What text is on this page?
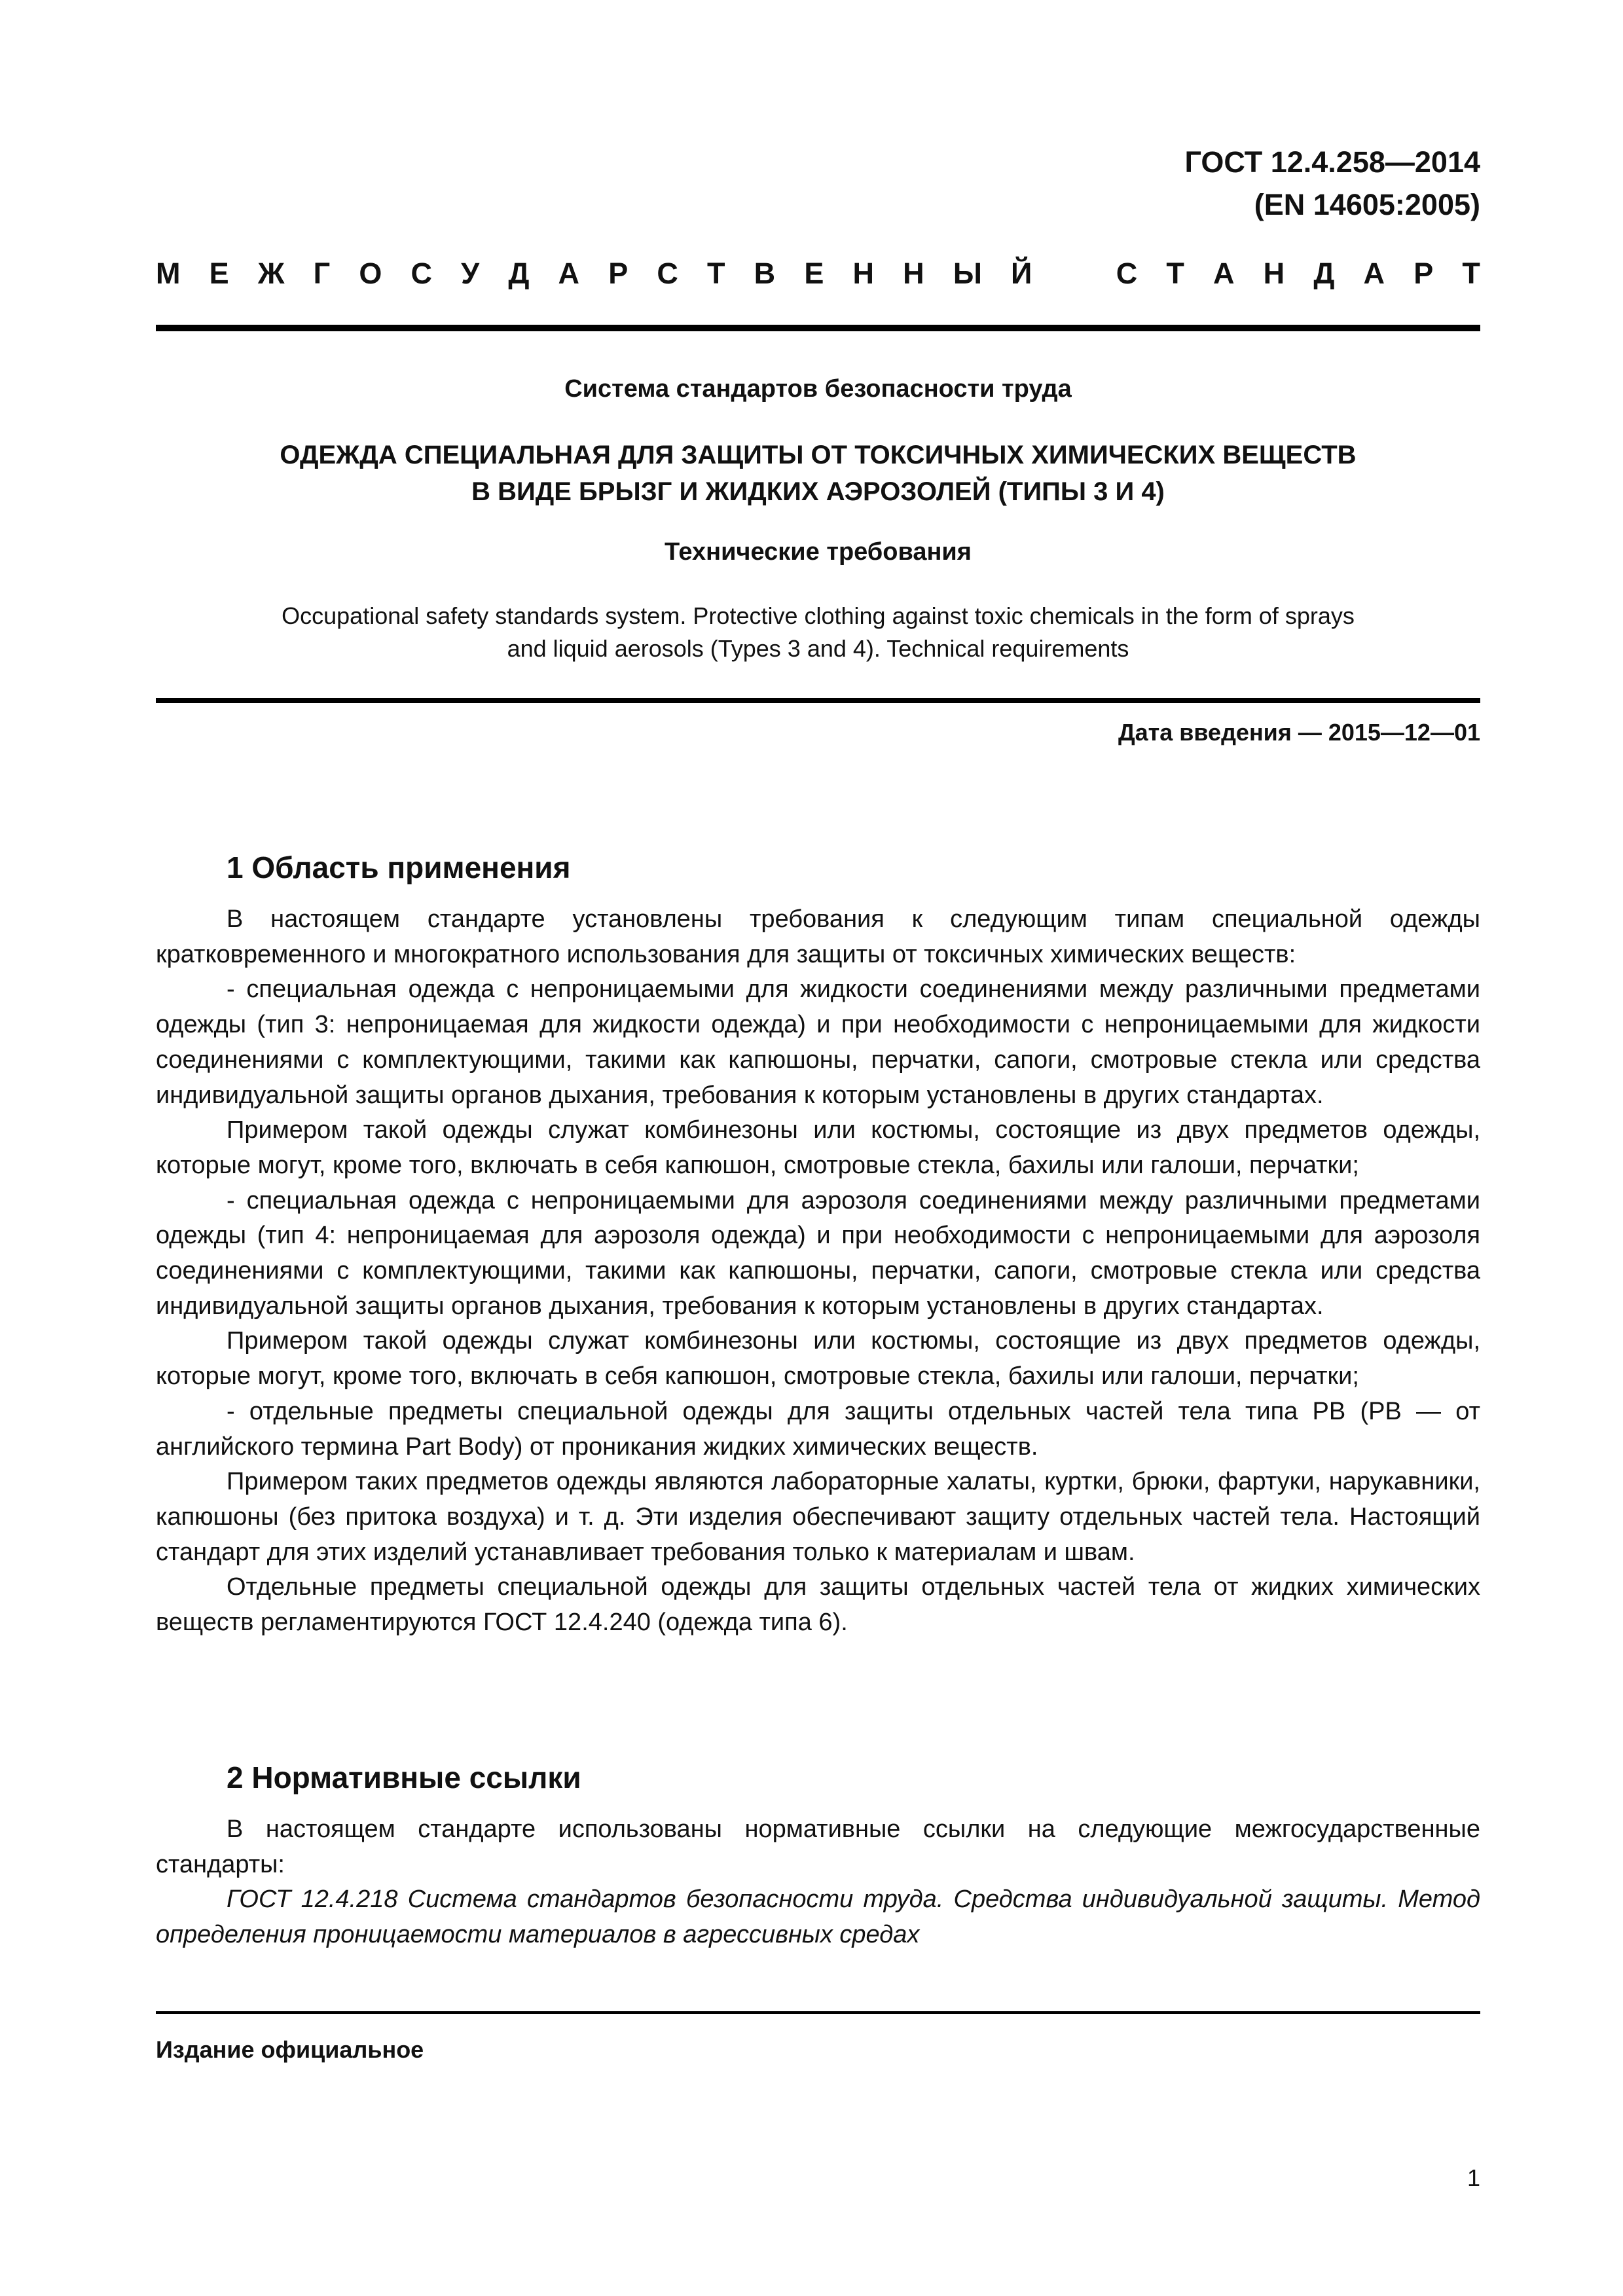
ГОСТ 12.4.258—2014
(EN 14605:2005)
М Е Ж Г О С У Д А Р С Т В Е Н Н Ы Й	С Т А Н Д А Р Т
Система стандартов безопасности труда
ОДЕЖДА СПЕЦИАЛЬНАЯ ДЛЯ ЗАЩИТЫ ОТ ТОКСИЧНЫХ ХИМИЧЕСКИХ ВЕЩЕСТВ
В ВИДЕ БРЫЗГ И ЖИДКИХ АЭРОЗОЛЕЙ (ТИПЫ 3 И 4)
Технические требования
Occupational safety standards system. Protective clothing against toxic chemicals in the form of sprays
and liquid aerosols (Types 3 and 4). Technical requirements
Дата введения — 2015—12—01
1 Область применения

В настоящем стандарте установлены требования к следующим типам специальной одежды кратковременного и многократного использования для защиты от токсичных химических веществ:

- специальная одежда с непроницаемыми для жидкости соединениями между различными предметами одежды (тип 3: непроницаемая для жидкости одежда) и при необходимости с непроницаемыми для жидкости соединениями с комплектующими, такими как капюшоны, перчатки, сапоги, смотровые стекла или средства индивидуальной защиты органов дыхания, требования к которым установлены в других стандартах.

Примером такой одежды служат комбинезоны или костюмы, состоящие из двух предметов одежды, которые могут, кроме того, включать в себя капюшон, смотровые стекла, бахилы или галоши, перчатки;

- специальная одежда с непроницаемыми для аэрозоля соединениями между различными предметами одежды (тип 4: непроницаемая для аэрозоля одежда) и при необходимости с непроницаемыми для аэрозоля соединениями с комплектующими, такими как капюшоны, перчатки, сапоги, смотровые стекла или средства индивидуальной защиты органов дыхания, требования к которым установлены в других стандартах.

Примером такой одежды служат комбинезоны или костюмы, состоящие из двух предметов одежды, которые могут, кроме того, включать в себя капюшон, смотровые стекла, бахилы или галоши, перчатки;

- отдельные предметы специальной одежды для защиты отдельных частей тела типа PB (PB — от английского термина Part Body) от проникания жидких химических веществ.

Примером таких предметов одежды являются лабораторные халаты, куртки, брюки, фартуки, нарукавники, капюшоны (без притока воздуха) и т. д. Эти изделия обеспечивают защиту отдельных частей тела. Настоящий стандарт для этих изделий устанавливает требования только к материалам и швам.

Отдельные предметы специальной одежды для защиты отдельных частей тела от жидких химических веществ регламентируются ГОСТ 12.4.240 (одежда типа 6).

2 Нормативные ссылки

В настоящем стандарте использованы нормативные ссылки на следующие межгосударственные стандарты:

ГОСТ 12.4.218 Система стандартов безопасности труда. Средства индивидуальной защиты. Метод определения проницаемости материалов в агрессивных средах

Издание официальное
1
